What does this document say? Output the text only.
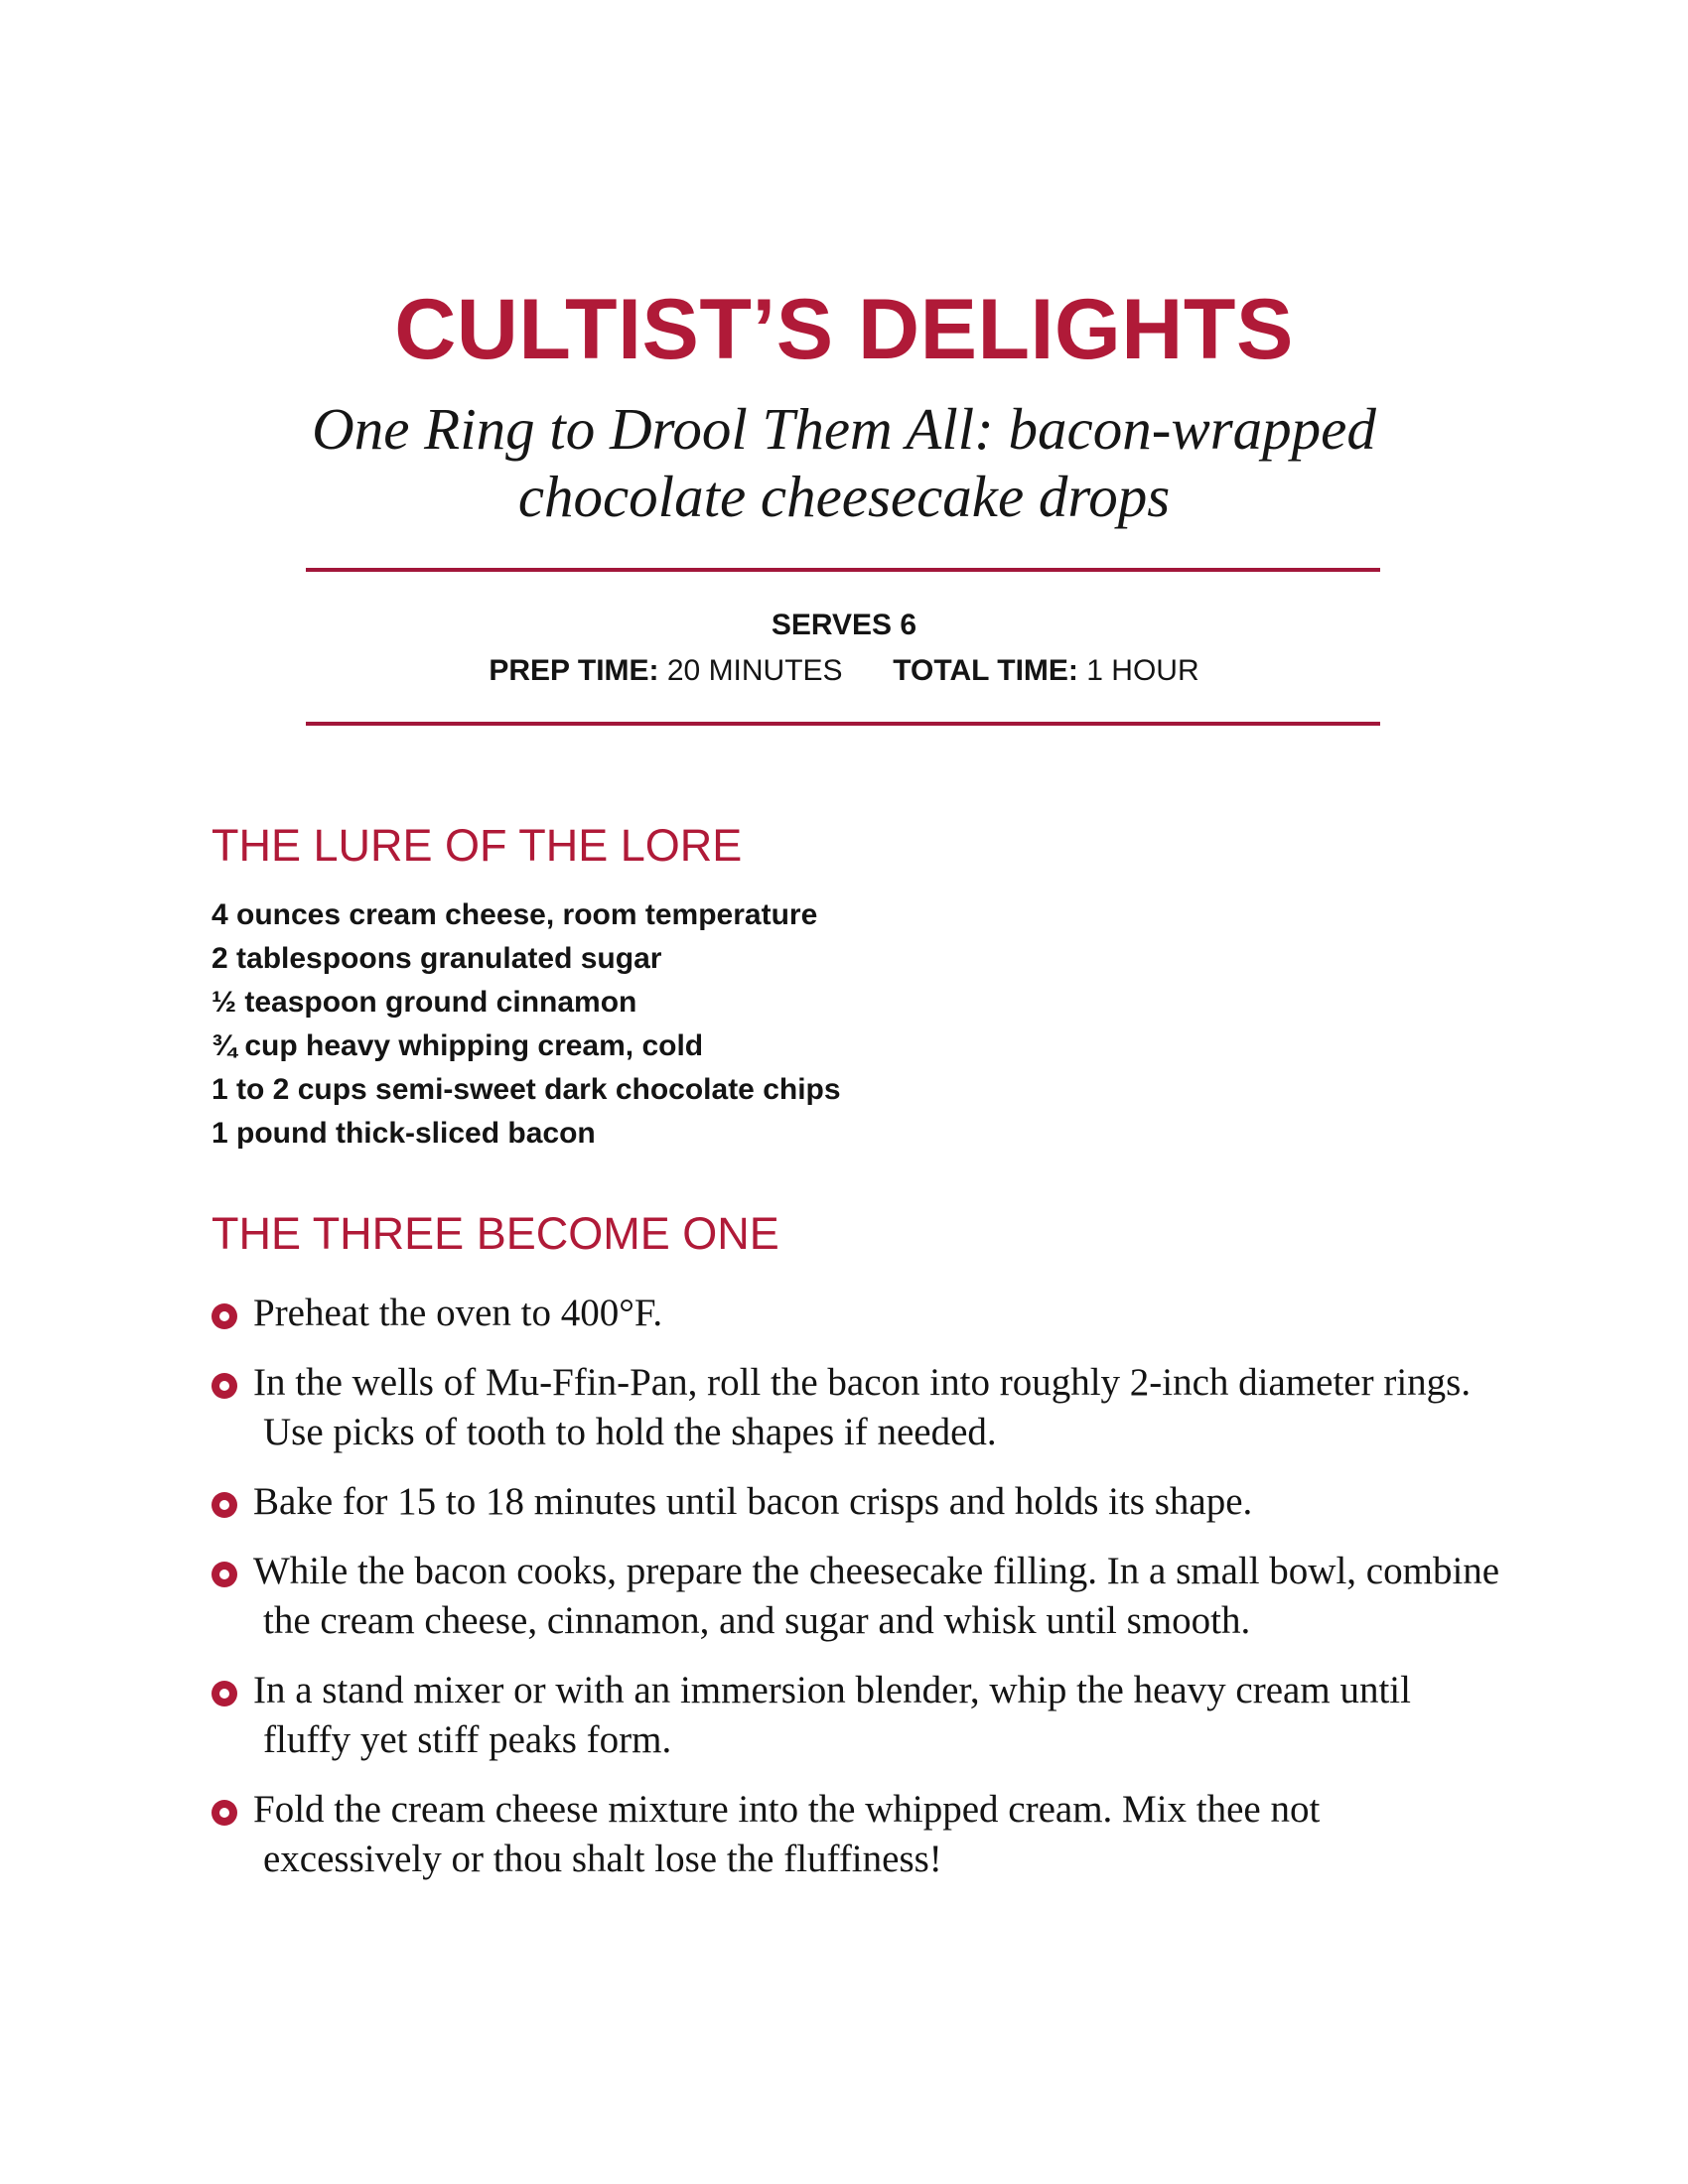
CULTIST’S DELIGHTS
One Ring to Drool Them All: bacon-wrapped
chocolate cheesecake drops
SERVES 6
PREP TIME: 20 MINUTES TOTAL TIME: 1 HOUR
THE LURE OF THE LORE
4 ounces cream cheese, room temperature
2 tablespoons granulated sugar
½ teaspoon ground cinnamon
¾ cup heavy whipping cream, cold
1 to 2 cups semi-sweet dark chocolate chips
1 pound thick-sliced bacon
THE THREE BECOME ONE
Preheat the oven to 400°F.
In the wells of Mu-Ffin-Pan, roll the bacon into roughly 2-inch diameter rings. Use picks of tooth to hold the shapes if needed.
Bake for 15 to 18 minutes until bacon crisps and holds its shape.
While the bacon cooks, prepare the cheesecake filling. In a small bowl, combine the cream cheese, cinnamon, and sugar and whisk until smooth.
In a stand mixer or with an immersion blender, whip the heavy cream until fluffy yet stiff peaks form.
Fold the cream cheese mixture into the whipped cream. Mix thee not excessively or thou shalt lose the fluffiness!
